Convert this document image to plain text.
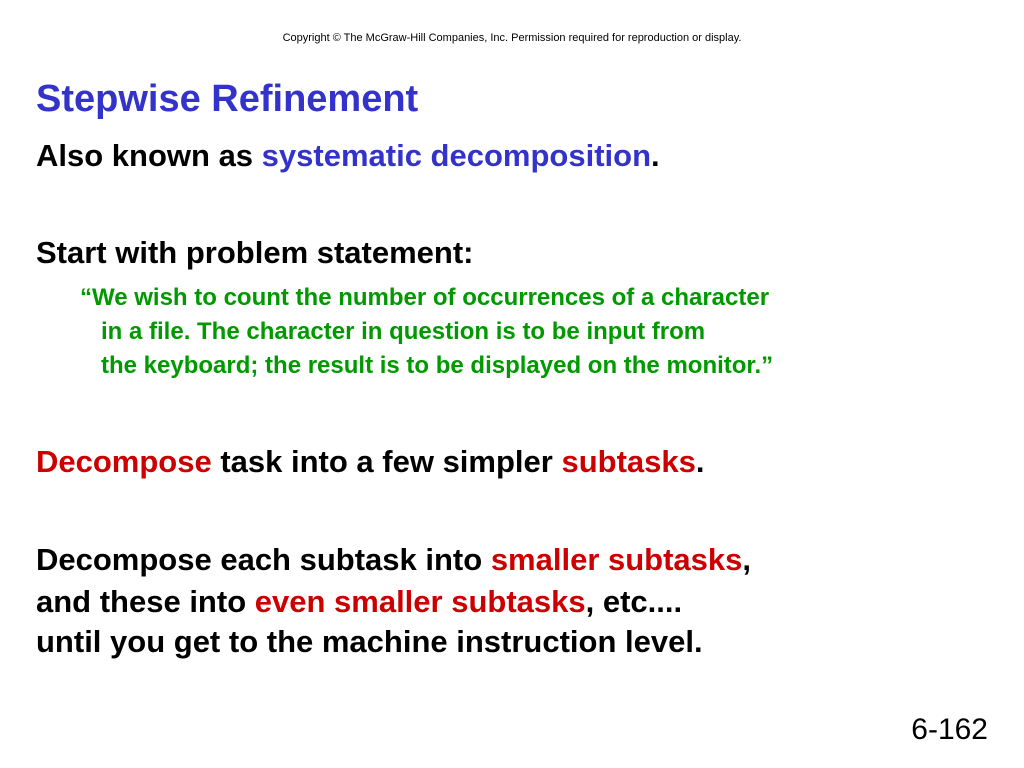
Copyright © The McGraw-Hill Companies, Inc. Permission required for reproduction or display.
Stepwise Refinement
Also known as systematic decomposition.
Start with problem statement:
“We wish to count the number of occurrences of a character
in a file. The character in question is to be input from
the keyboard; the result is to be displayed on the monitor.”
Decompose task into a few simpler subtasks.
Decompose each subtask into smaller subtasks,
and these into even smaller subtasks, etc....
until you get to the machine instruction level.
6-162
